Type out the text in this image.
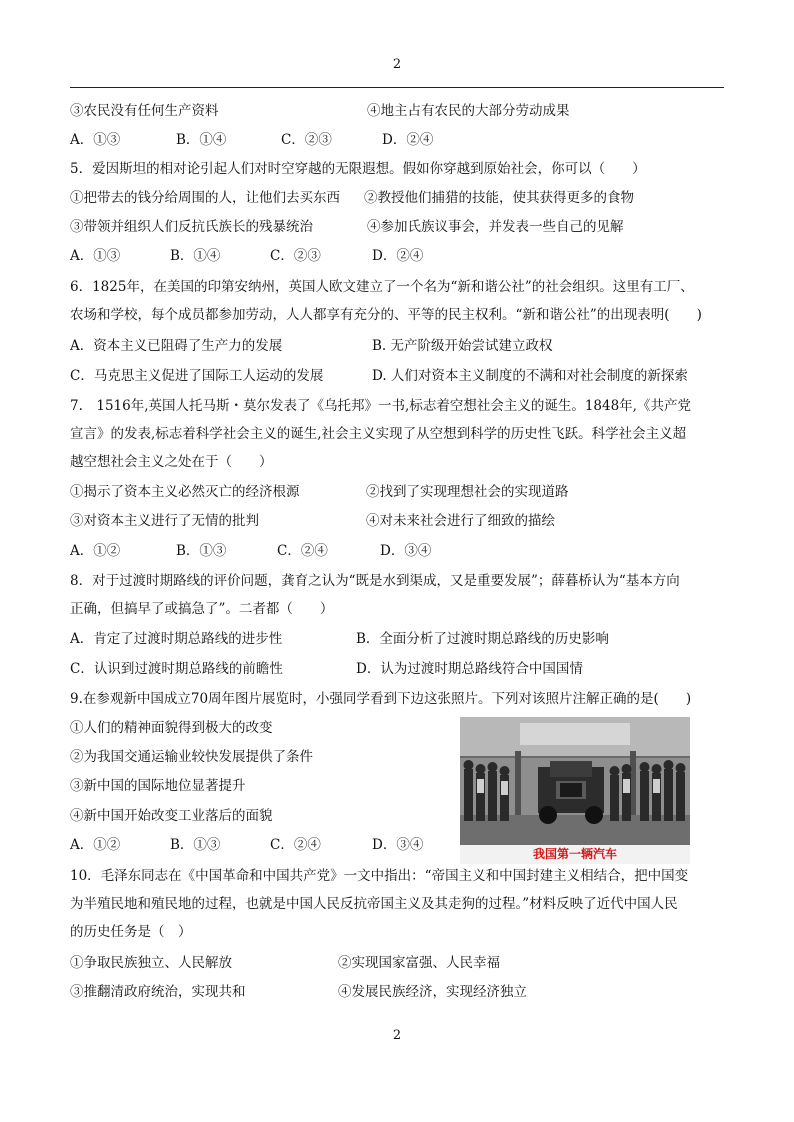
2
③农民没有任何生产资料	④地主占有农民的大部分劳动成果
A．①③	B．①④	C．②③	D．②④
5．爱因斯坦的相对论引起人们对时空穿越的无限遐想。假如你穿越到原始社会，你可以（　　）
①把带去的钱分给周围的人，让他们去买东西 ②教授他们捕猎的技能，使其获得更多的食物
③带领并组织人们反抗氏族长的残暴统治	④参加氏族议事会，并发表一些自己的见解
A．①③	B．①④	C．②③	D．②④
6．1825年，在美国的印第安纳州，英国人欧文建立了一个名为“新和谐公社”的社会组织。这里有工厂、
农场和学校，每个成员都参加劳动，人人都享有充分的、平等的民主权利。“新和谐公社”的出现表明(　　)
A．资本主义已阻碍了生产力的发展	B. 无产阶级开始尝试建立政权
C．马克思主义促进了国际工人运动的发展	D. 人们对资本主义制度的不满和对社会制度的新探索
7.　1516年,英国人托马斯・莫尔发表了《乌托邦》一书,标志着空想社会主义的诞生。1848年,《共产党
宣言》的发表,标志着科学社会主义的诞生,社会主义实现了从空想到科学的历史性飞跃。科学社会主义超
越空想社会主义之处在于（　　）
①揭示了资本主义必然灭亡的经济根源	②找到了实现理想社会的实现道路
③对资本主义进行了无情的批判	④对未来社会进行了细致的描绘
A．①②	B．①③	C．②④	D．③④
8．对于过渡时期路线的评价问题，龚育之认为“既是水到渠成，又是重要发展”；薛暮桥认为“基本方向
正确，但搞早了或搞急了”。二者都（　　）
A．肯定了过渡时期总路线的进步性	B．全面分析了过渡时期总路线的历史影响
C．认识到过渡时期总路线的前瞻性	D．认为过渡时期总路线符合中国国情
9.在参观新中国成立70周年图片展览时，小强同学看到下边这张照片。下列对该照片注解正确的是(　　)
①人们的精神面貌得到极大的改变
②为我国交通运输业较快发展提供了条件
③新中国的国际地位显著提升
④新中国开始改变工业落后的面貌
A．①②	B．①③	C．②④	D．③④
我国第一辆汽车
10．毛泽东同志在《中国革命和中国共产党》一文中指出：“帝国主义和中国封建主义相结合，把中国变
为半殖民地和殖民地的过程，也就是中国人民反抗帝国主义及其走狗的过程。”材料反映了近代中国人民
的历史任务是（　）
①争取民族独立、人民解放	②实现国家富强、人民幸福
③推翻清政府统治，实现共和	④发展民族经济，实现经济独立
2
